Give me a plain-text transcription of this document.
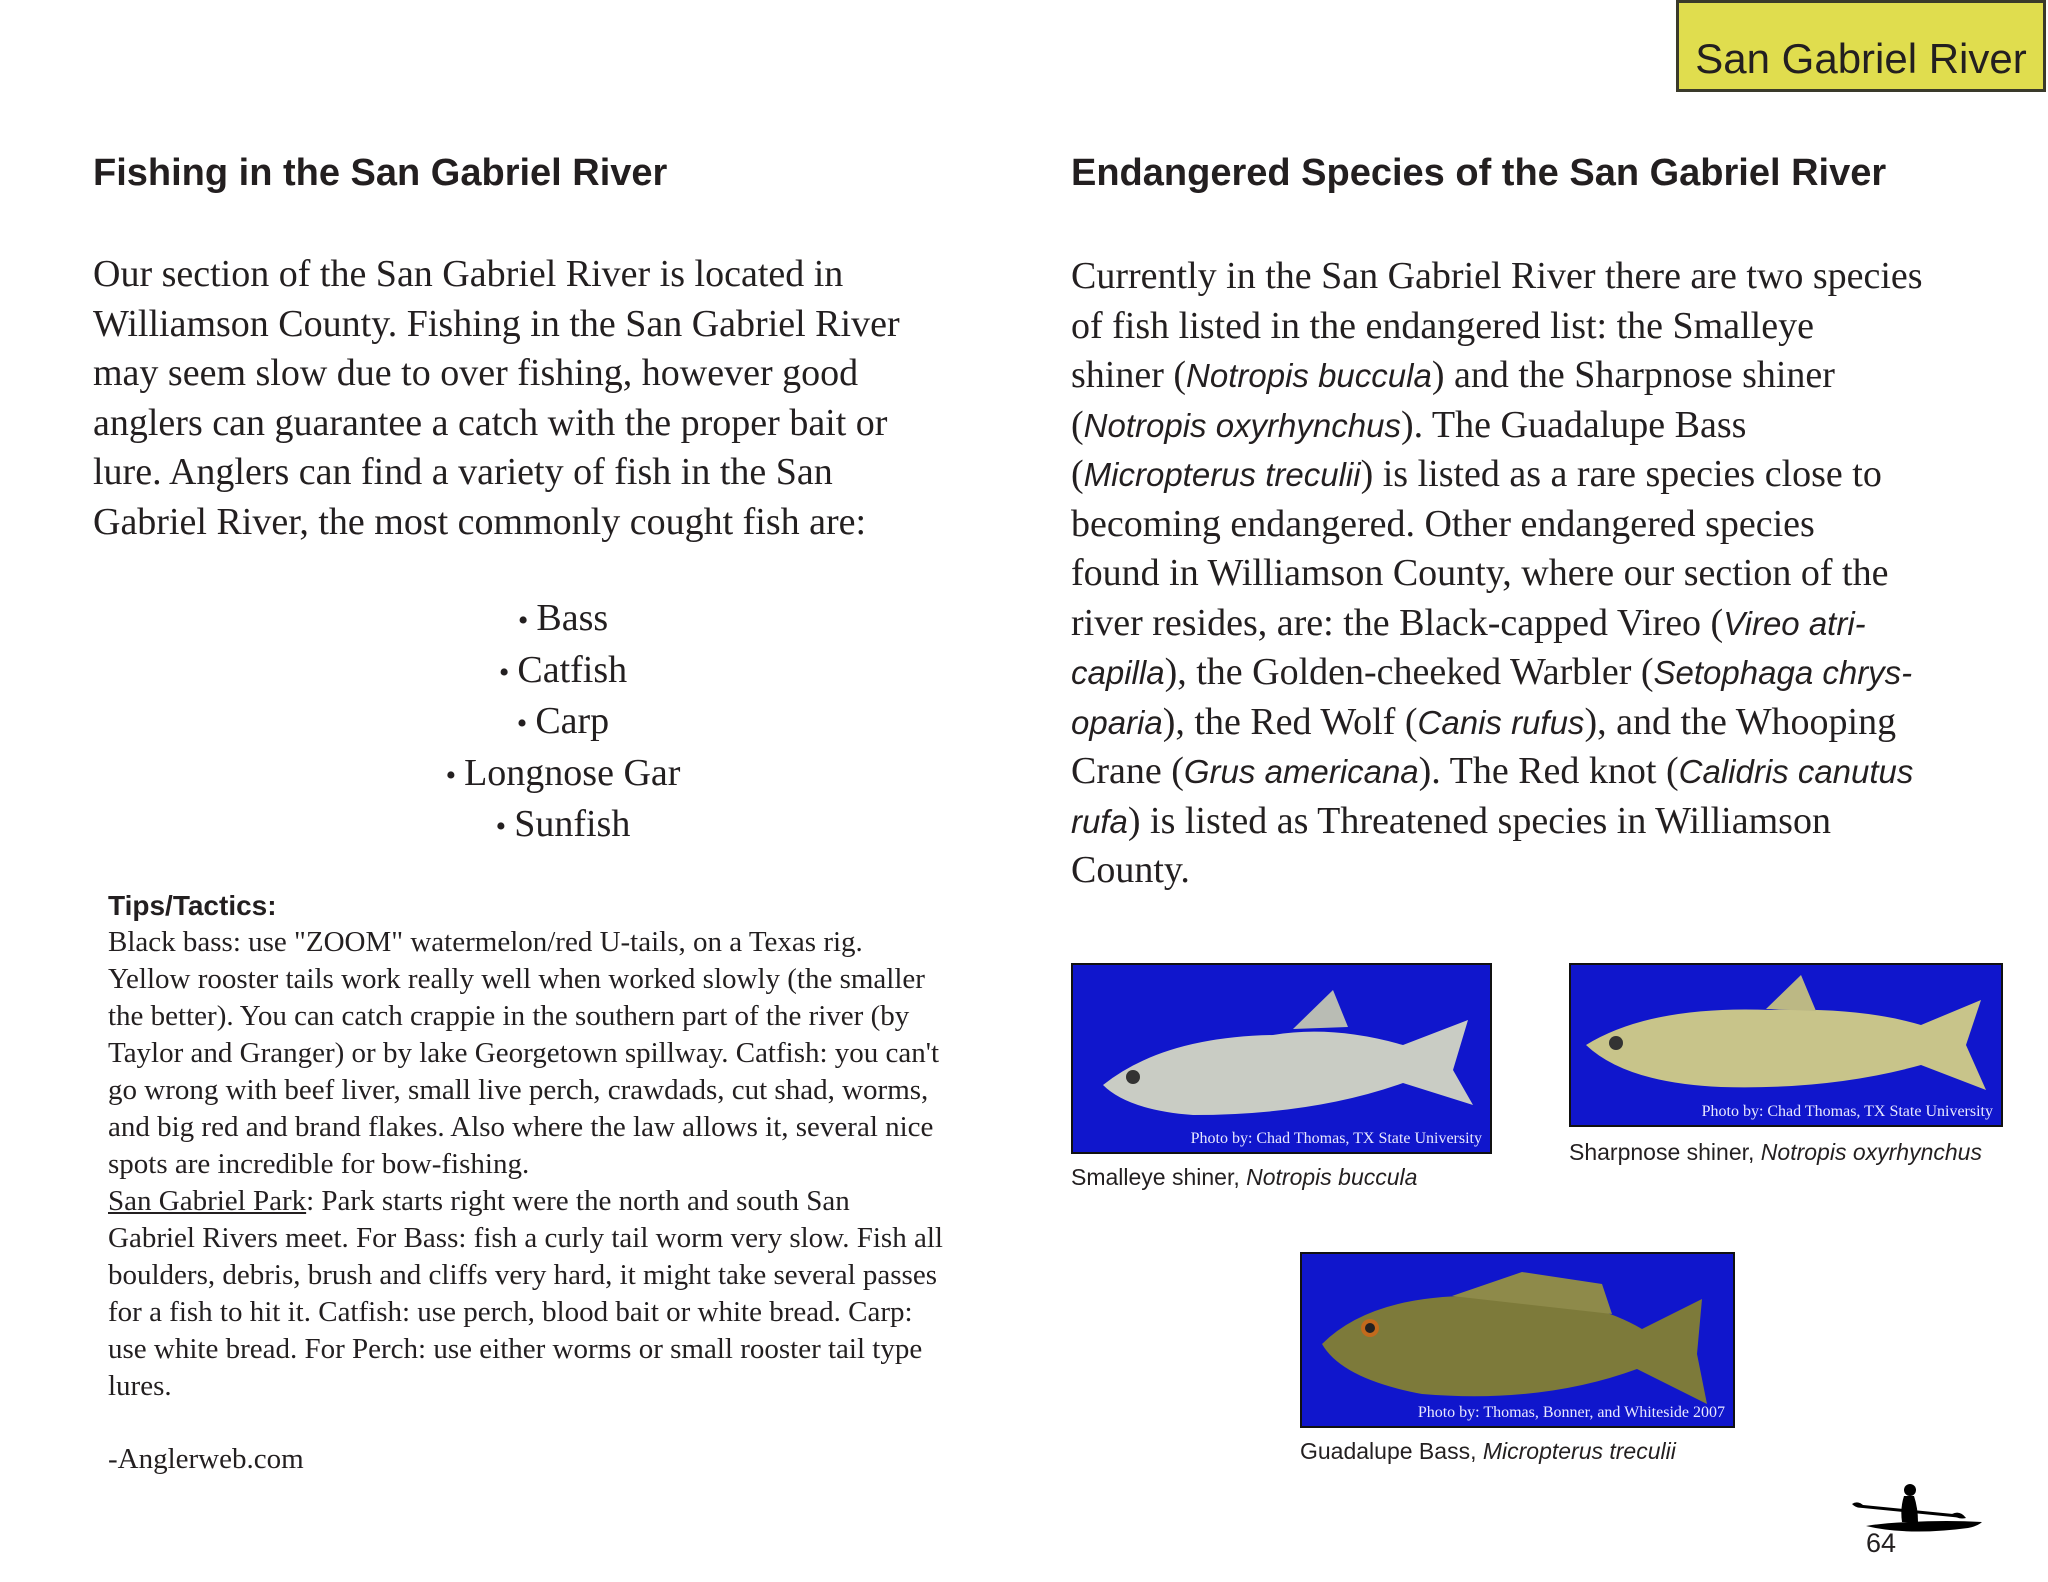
San Gabriel River
Fishing in the San Gabriel River	Endangered Species of the San Gabriel River
Our section of the San Gabriel River is located in
Williamson County. Fishing in the San Gabriel River
may seem slow due to over fishing, however good
anglers can guarantee a catch with the proper bait or
lure. Anglers can find a variety of fish in the San
Gabriel River, the most commonly cought fish are:
• Bass
• Catfish
• Carp
• Longnose Gar
• Sunfish
Tips/Tactics:
Black bass: use "ZOOM" watermelon/red U-tails, on a Texas rig.
Yellow rooster tails work really well when worked slowly (the smaller
the better). You can catch crappie in the southern part of the river (by
Taylor and Granger) or by lake Georgetown spillway. Catfish: you can't
go wrong with beef liver, small live perch, crawdads, cut shad, worms,
and big red and brand flakes. Also where the law allows it, several nice
spots are incredible for bow-fishing.
San Gabriel Park: Park starts right were the north and south San
Gabriel Rivers meet. For Bass: fish a curly tail worm very slow. Fish all
boulders, debris, brush and cliffs very hard, it might take several passes
for a fish to hit it. Catfish: use perch, blood bait or white bread. Carp:
use white bread. For Perch: use either worms or small rooster tail type
lures.
-Anglerweb.com
Currently in the San Gabriel River there are two species
of fish listed in the endangered list: the Smalleye
shiner (Notropis buccula) and the Sharpnose shiner
(Notropis oxyrhynchus). The Guadalupe Bass
(Micropterus treculii) is listed as a rare species close to
becoming endangered. Other endangered species
found in Williamson County, where our section of the
river resides, are: the Black-capped Vireo (Vireo atri-
capilla), the Golden-cheeked Warbler (Setophaga chrys-
oparia), the Red Wolf (Canis rufus), and the Whooping
Crane (Grus americana). The Red knot (Calidris canutus
rufa) is listed as Threatened species in Williamson
County.
Photo by: Chad Thomas, TX State University
Smalleye shiner, Notropis buccula
Photo by: Chad Thomas, TX State University
Sharpnose shiner, Notropis oxyrhynchus
Photo by: Thomas, Bonner, and Whiteside 2007
Guadalupe Bass, Micropterus treculii
64
